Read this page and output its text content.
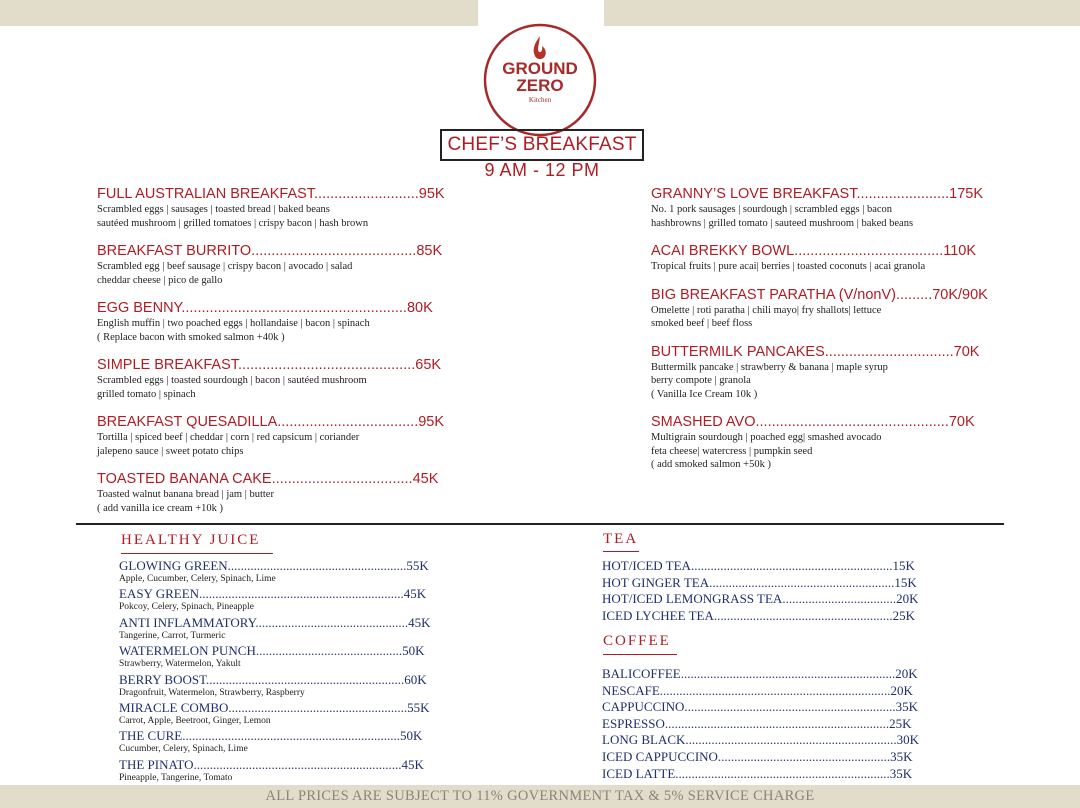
GROUND
ZERO
Kitchen
CHEF’S BREAKFAST
9 AM - 12 PM
FULL AUSTRALIAN BREAKFAST..........................95K
Scrambled eggs | sausages | toasted bread | baked beans
sautéed mushroom | grilled tomatoes | crispy bacon | hash brown
BREAKFAST BURRITO.........................................85K
Scrambled egg | beef sausage | crispy bacon | avocado | salad
cheddar cheese | pico de gallo
EGG BENNY........................................................80K
English muffin | two poached eggs | hollandaise | bacon | spinach
( Replace bacon with smoked salmon +40k )
SIMPLE BREAKFAST............................................65K
Scrambled eggs | toasted sourdough | bacon | sautéed mushroom
grilled tomato | spinach
BREAKFAST QUESADILLA...................................95K
Tortilla | spiced beef | cheddar | corn | red capsicum | coriander
jalepeno sauce | sweet potato chips
TOASTED BANANA CAKE...................................45K
Toasted walnut banana bread | jam | butter
( add vanilla ice cream +10k )
GRANNY’S LOVE BREAKFAST.......................175K
No. 1 pork sausages | sourdough | scrambled eggs | bacon
hashbrowns | grilled tomato | sauteed mushroom | baked beans
ACAI BREKKY BOWL.....................................110K
Tropical fruits | pure acai| berries | toasted coconuts | acai granola
BIG BREAKFAST PARATHA (V/nonV).........70K/90K
Omelette | roti paratha | chili mayo| fry shallots| lettuce
smoked beef | beef floss
BUTTERMILK PANCAKES................................70K
Buttermilk pancake | strawberry & banana | maple syrup
berry compote | granola
( Vanilla Ice Cream 10k )
SMASHED AVO................................................70K
Multigrain sourdough | poached egg| smashed avocado
feta cheese| watercress | pumpkin seed
( add smoked salmon +50k )
HEALTHY JUICE
GLOWING GREEN.......................................................55K
Apple, Cucumber, Celery, Spinach, Lime
EASY GREEN...............................................................45K
Pokcoy, Celery, Spinach, Pineapple
ANTI INFLAMMATORY...............................................45K
Tangerine, Carrot, Turmeric
WATERMELON PUNCH.............................................50K
Strawberry, Watermelon, Yakult
BERRY BOOST.............................................................60K
Dragonfruit, Watermelon, Strawberry, Raspberry
MIRACLE COMBO.......................................................55K
Carrot, Apple, Beetroot, Ginger, Lemon
THE CURE...................................................................50K
Cucumber, Celery, Spinach, Lime
THE PINATO................................................................45K
Pineapple, Tangerine, Tomato
TEA
HOT/ICED TEA..............................................................15K
HOT GINGER TEA.........................................................15K
HOT/ICED LEMONGRASS TEA...................................20K
ICED LYCHEE TEA.......................................................25K
COFFEE
BALICOFFEE..................................................................20K
NESCAFE.......................................................................20K
CAPPUCCINO.................................................................35K
ESPRESSO.....................................................................25K
LONG BLACK.................................................................30K
ICED CAPPUCCINO.....................................................35K
ICED LATTE..................................................................35K
ALL PRICES ARE SUBJECT TO 11% GOVERNMENT TAX & 5% SERVICE CHARGE
